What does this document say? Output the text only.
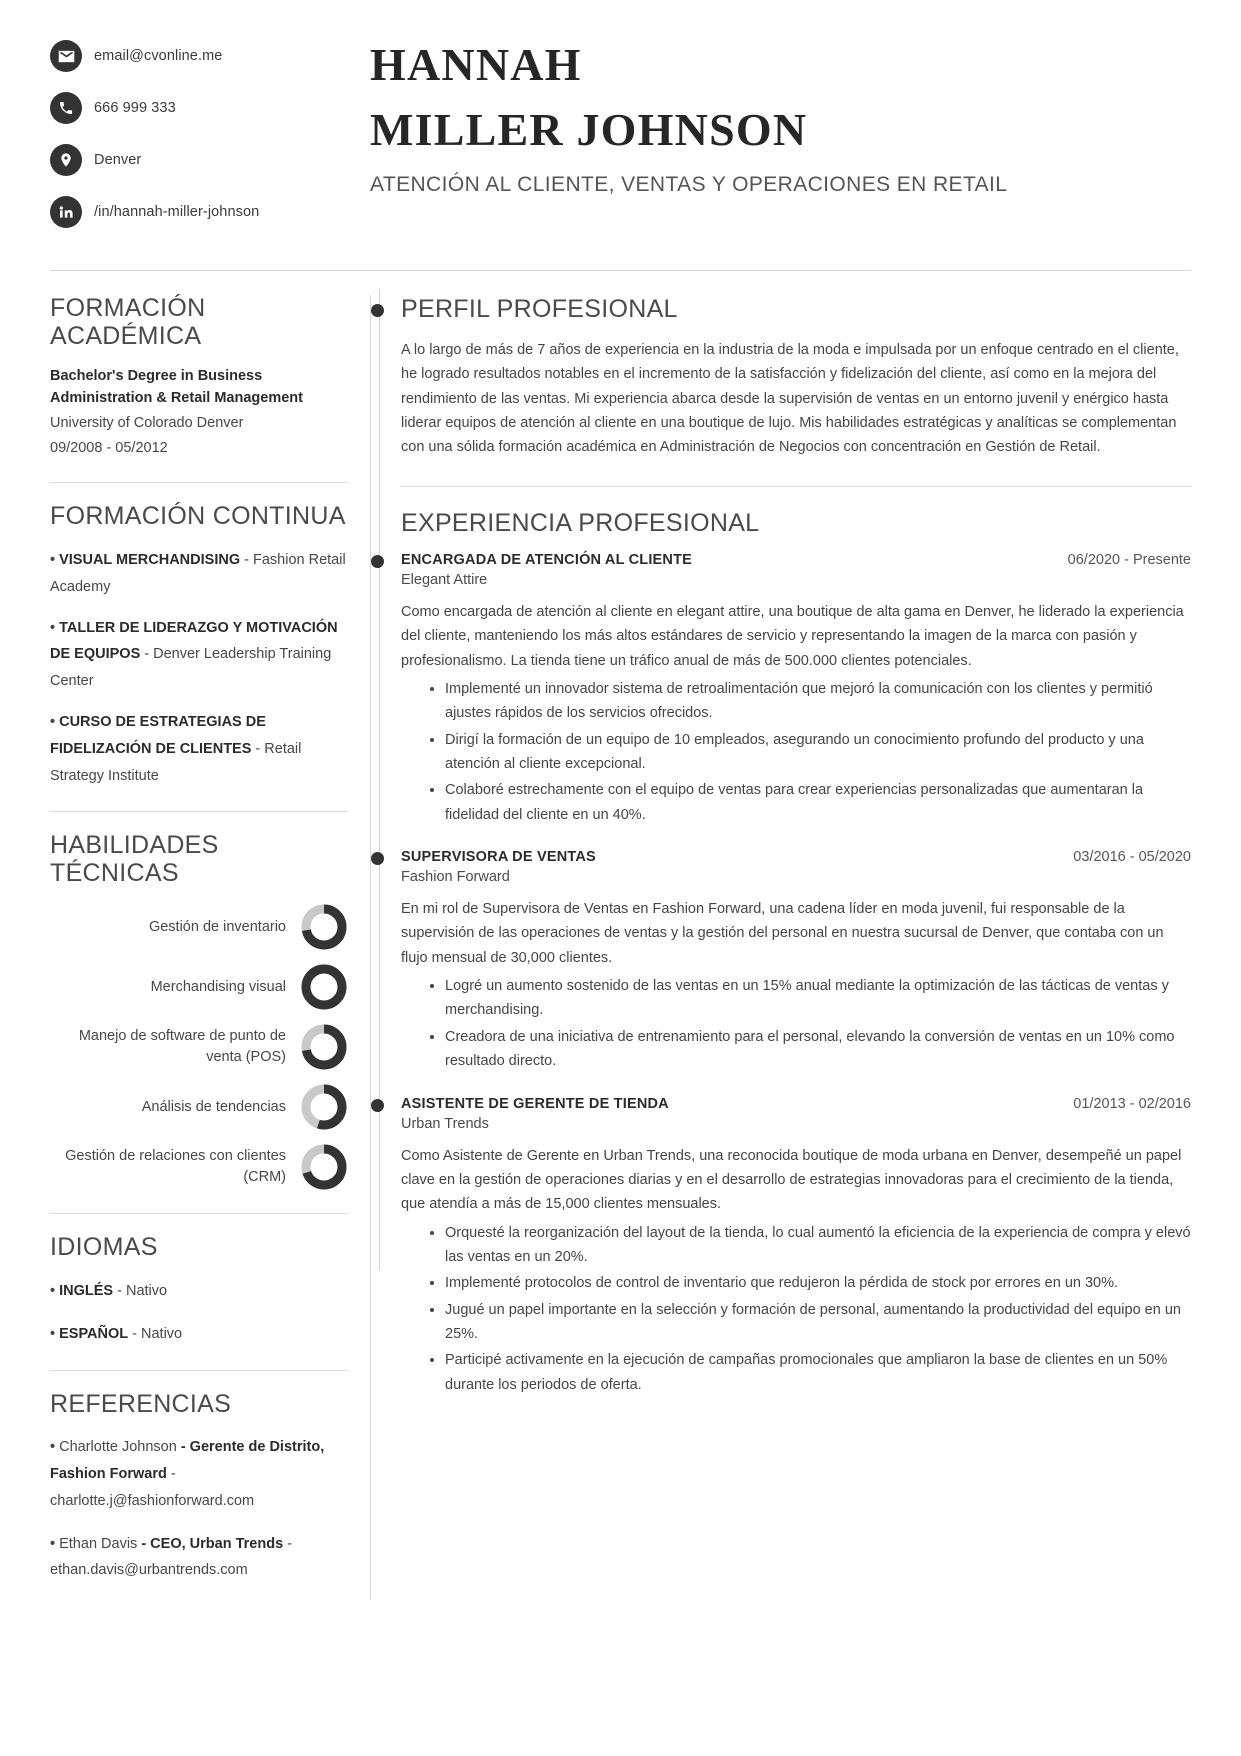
email@cvonline.me
666 999 333
Denver
/in/hannah-miller-johnson
HANNAH
MILLER JOHNSON
ATENCIÓN AL CLIENTE, VENTAS Y OPERACIONES EN RETAIL
FORMACIÓN ACADÉMICA
Bachelor's Degree in Business Administration & Retail Management
University of Colorado Denver
09/2008 - 05/2012
FORMACIÓN CONTINUA
• VISUAL MERCHANDISING - Fashion Retail Academy
• TALLER DE LIDERAZGO Y MOTIVACIÓN DE EQUIPOS - Denver Leadership Training Center
• CURSO DE ESTRATEGIAS DE FIDELIZACIÓN DE CLIENTES - Retail Strategy Institute
HABILIDADES TÉCNICAS
Gestión de inventario
Merchandising visual
Manejo de software de punto de venta (POS)
Análisis de tendencias
Gestión de relaciones con clientes (CRM)
IDIOMAS
• INGLÉS - Nativo
• ESPAÑOL - Nativo
REFERENCIAS
• Charlotte Johnson - Gerente de Distrito, Fashion Forward - charlotte.j@fashionforward.com
• Ethan Davis - CEO, Urban Trends - ethan.davis@urbantrends.com
PERFIL PROFESIONAL
A lo largo de más de 7 años de experiencia en la industria de la moda e impulsada por un enfoque centrado en el cliente, he logrado resultados notables en el incremento de la satisfacción y fidelización del cliente, así como en la mejora del rendimiento de las ventas. Mi experiencia abarca desde la supervisión de ventas en un entorno juvenil y enérgico hasta liderar equipos de atención al cliente en una boutique de lujo. Mis habilidades estratégicas y analíticas se complementan con una sólida formación académica en Administración de Negocios con concentración en Gestión de Retail.
EXPERIENCIA PROFESIONAL
ENCARGADA DE ATENCIÓN AL CLIENTE	06/2020 - Presente
Elegant Attire
Como encargada de atención al cliente en elegant attire, una boutique de alta gama en Denver, he liderado la experiencia del cliente, manteniendo los más altos estándares de servicio y representando la imagen de la marca con pasión y profesionalismo. La tienda tiene un tráfico anual de más de 500.000 clientes potenciales.
• Implementé un innovador sistema de retroalimentación que mejoró la comunicación con los clientes y permitió ajustes rápidos de los servicios ofrecidos.
• Dirigí la formación de un equipo de 10 empleados, asegurando un conocimiento profundo del producto y una atención al cliente excepcional.
• Colaboré estrechamente con el equipo de ventas para crear experiencias personalizadas que aumentaran la fidelidad del cliente en un 40%.
SUPERVISORA DE VENTAS	03/2016 - 05/2020
Fashion Forward
En mi rol de Supervisora de Ventas en Fashion Forward, una cadena líder en moda juvenil, fui responsable de la supervisión de las operaciones de ventas y la gestión del personal en nuestra sucursal de Denver, que contaba con un flujo mensual de 30,000 clientes.
• Logré un aumento sostenido de las ventas en un 15% anual mediante la optimización de las tácticas de ventas y merchandising.
• Creadora de una iniciativa de entrenamiento para el personal, elevando la conversión de ventas en un 10% como resultado directo.
ASISTENTE DE GERENTE DE TIENDA	01/2013 - 02/2016
Urban Trends
Como Asistente de Gerente en Urban Trends, una reconocida boutique de moda urbana en Denver, desempeñé un papel clave en la gestión de operaciones diarias y en el desarrollo de estrategias innovadoras para el crecimiento de la tienda, que atendía a más de 15,000 clientes mensuales.
• Orquesté la reorganización del layout de la tienda, lo cual aumentó la eficiencia de la experiencia de compra y elevó las ventas en un 20%.
• Implementé protocolos de control de inventario que redujeron la pérdida de stock por errores en un 30%.
• Jugué un papel importante en la selección y formación de personal, aumentando la productividad del equipo en un 25%.
• Participé activamente en la ejecución de campañas promocionales que ampliaron la base de clientes en un 50% durante los periodos de oferta.
